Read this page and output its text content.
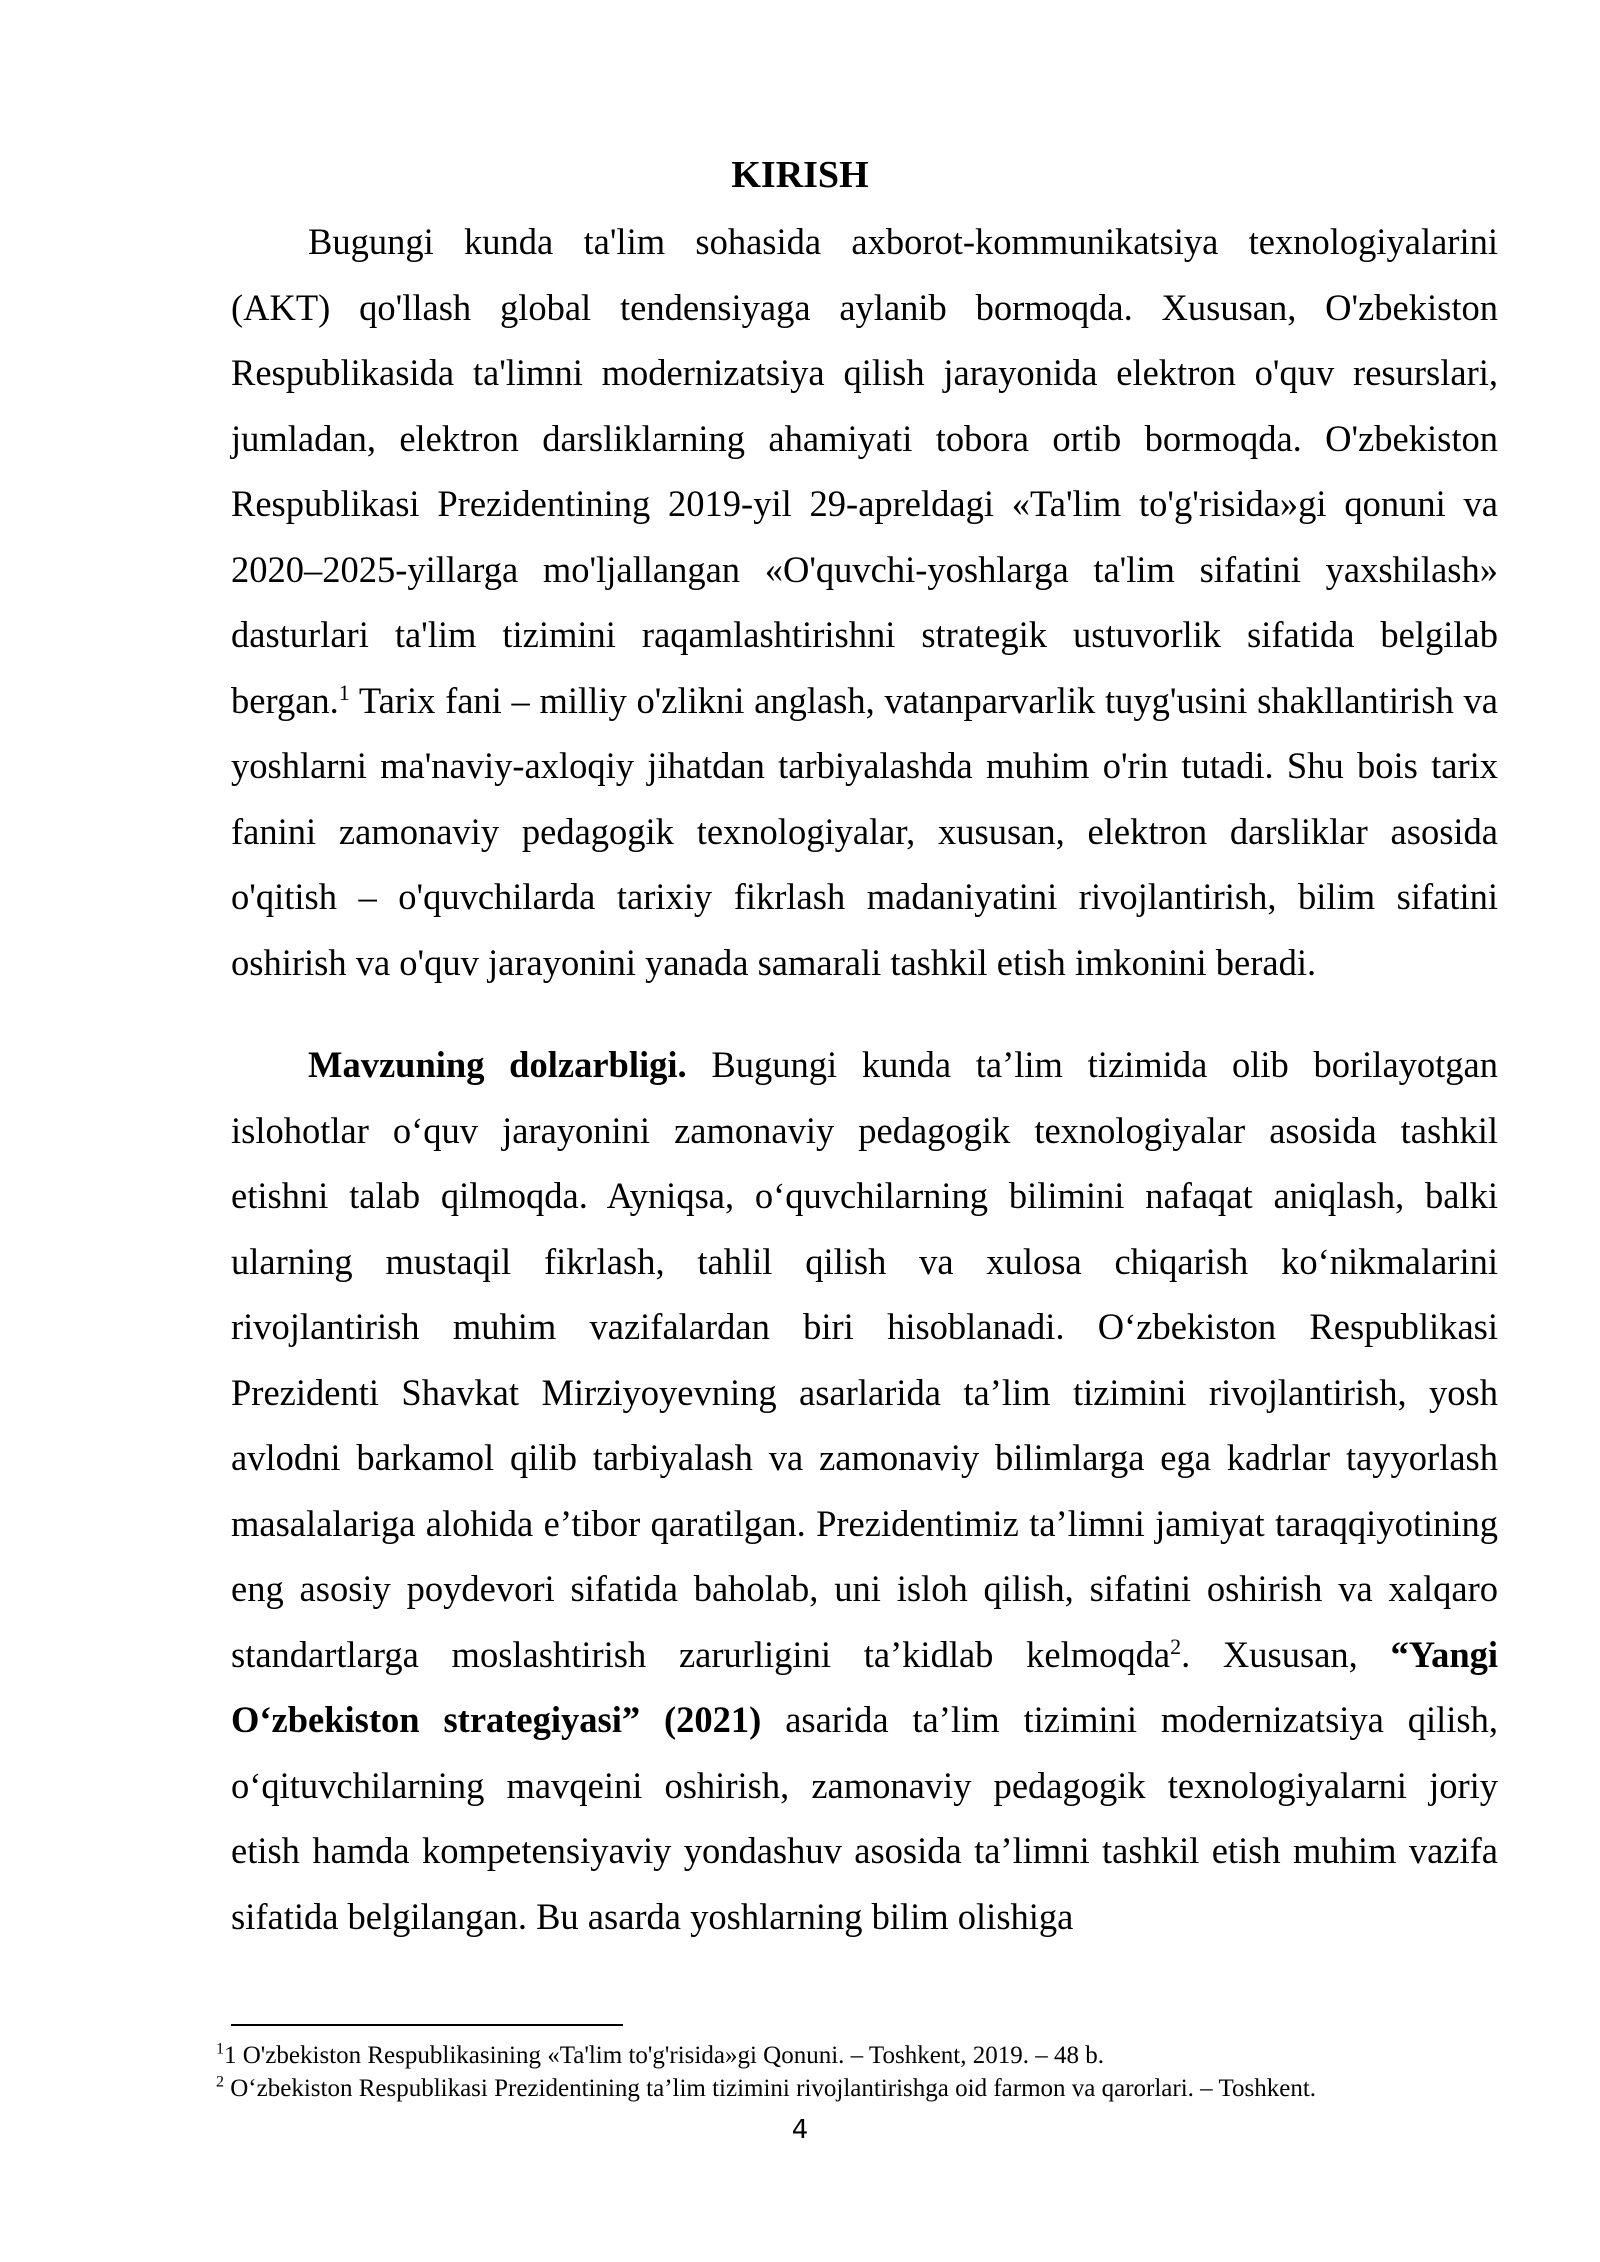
KIRISH

Bugungi kunda ta'lim sohasida axborot-kommunikatsiya texnologiyalarini (AKT) qo'llash global tendensiyaga aylanib bormoqda. Xususan, O'zbekiston Respublikasida ta'limni modernizatsiya qilish jarayonida elektron o'quv resurslari, jumladan, elektron darsliklarning ahamiyati tobora ortib bormoqda. O'zbekiston Respublikasi Prezidentining 2019-yil 29-apreldagi «Ta'lim to'g'risida»gi qonuni va 2020–2025-yillarga mo'ljallangan «O'quvchi-yoshlarga ta'lim sifatini yaxshilash» dasturlari ta'lim tizimini raqamlashtirishni strategik ustuvorlik sifatida belgilab bergan.$^1$ Tarix fani – milliy o'zlikni anglash, vatanparvarlik tuyg'usini shakllantirish va yoshlarni ma'naviy-axloqiy jihatdan tarbiyalashda muhim o'rin tutadi. Shu bois tarix fanini zamonaviy pedagogik texnologiyalar, xususan, elektron darsliklar asosida o'qitish – o'quvchilarda tarixiy fikrlash madaniyatini rivojlantirish, bilim sifatini oshirish va o'quv jarayonini yanada samarali tashkil etish imkonini beradi.

Mavzuning dolzarbligi. Bugungi kunda ta’lim tizimida olib borilayotgan islohotlar o‘quv jarayonini zamonaviy pedagogik texnologiyalar asosida tashkil etishni talab qilmoqda. Ayniqsa, o‘quvchilarning bilimini nafaqat aniqlash, balki ularning mustaqil fikrlash, tahlil qilish va xulosa chiqarish ko‘nikmalarini rivojlantirish muhim vazifalardan biri hisoblanadi. O‘zbekiston Respublikasi Prezidenti Shavkat Mirziyoyevning asarlarida ta’lim tizimini rivojlantirish, yosh avlodni barkamol qilib tarbiyalash va zamonaviy bilimlarga ega kadrlar tayyorlash masalalariga alohida e’tibor qaratilgan. Prezidentimiz ta’limni jamiyat taraqqiyotining eng asosiy poydevori sifatida baholab, uni isloh qilish, sifatini oshirish va xalqaro standartlarga moslashtirish zarurligini ta’kidlab kelmoqda$^2$. Xususan, “Yangi O‘zbekiston strategiyasi” (2021) asarida ta’lim tizimini modernizatsiya qilish, o‘qituvchilarning mavqeini oshirish, zamonaviy pedagogik texnologiyalarni joriy etish hamda kompetensiyaviy yondashuv asosida ta’limni tashkil etish muhim vazifa sifatida belgilangan. Bu asarda yoshlarning bilim olishiga

$^1$1 O'zbekiston Respublikasining «Ta'lim to'g'risida»gi Qonuni. – Toshkent, 2019. – 48 b.

$^2$ O‘zbekiston Respublikasi Prezidentining ta’lim tizimini rivojlantirishga oid farmon va qarorlari. – Toshkent.

4
